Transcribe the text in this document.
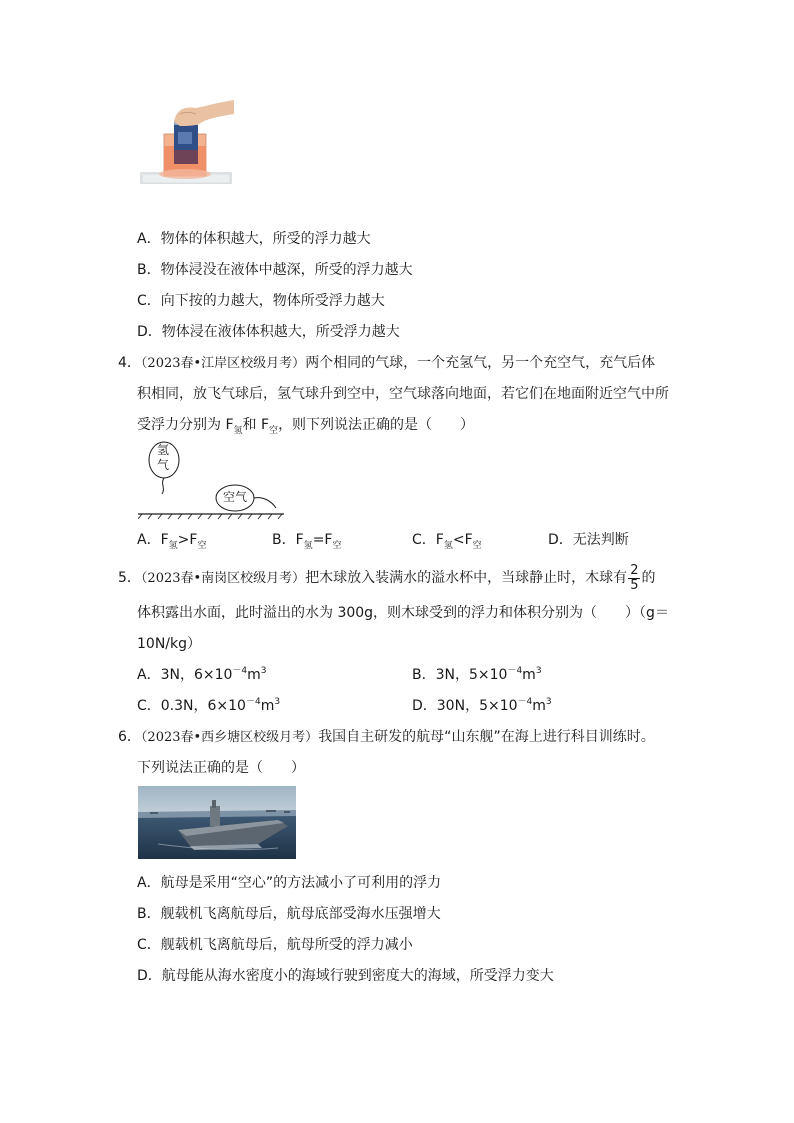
A．物体的体积越大，所受的浮力越大
B．物体浸没在液体中越深，所受的浮力越大
C．向下按的力越大，物体所受浮力越大
D．物体浸在液体体积越大，所受浮力越大
4．（2023春•江岸区校级月考）两个相同的气球，一个充氢气，另一个充空气，充气后体
积相同，放飞气球后，氢气球升到空中，空气球落向地面，若它们在地面附近空气中所
受浮力分别为 $F_氢$和 $F_空$，则下列说法正确的是（　　）
氢
气
空气
A．$F_氢>F_空$	B．$F_氢=F_空$	C．$F_氢<F_空$	D．无法判断
5．（2023春•南岗区校级月考）把木球放入装满水的溢水杯中，当球静止时，木球有 $\frac{2}{5}$ 的
体积露出水面，此时溢出的水为 300g，则木球受到的浮力和体积分别为（　　）（g＝
10N/kg）
A．3N，$6\times 10^{-4}m^3$	B．3N，$5\times 10^{-4}m^3$
C．0.3N，$6\times 10^{-4}m^3$	D．30N，$5\times 10^{-4}m^3$
6．（2023春•西乡塘区校级月考）我国自主研发的航母“山东舰”在海上进行科目训练时。
下列说法正确的是（　　）
A．航母是采用“空心”的方法减小了可利用的浮力
B．舰载机飞离航母后，航母底部受海水压强增大
C．舰载机飞离航母后，航母所受的浮力减小
D．航母能从海水密度小的海域行驶到密度大的海域，所受浮力变大
